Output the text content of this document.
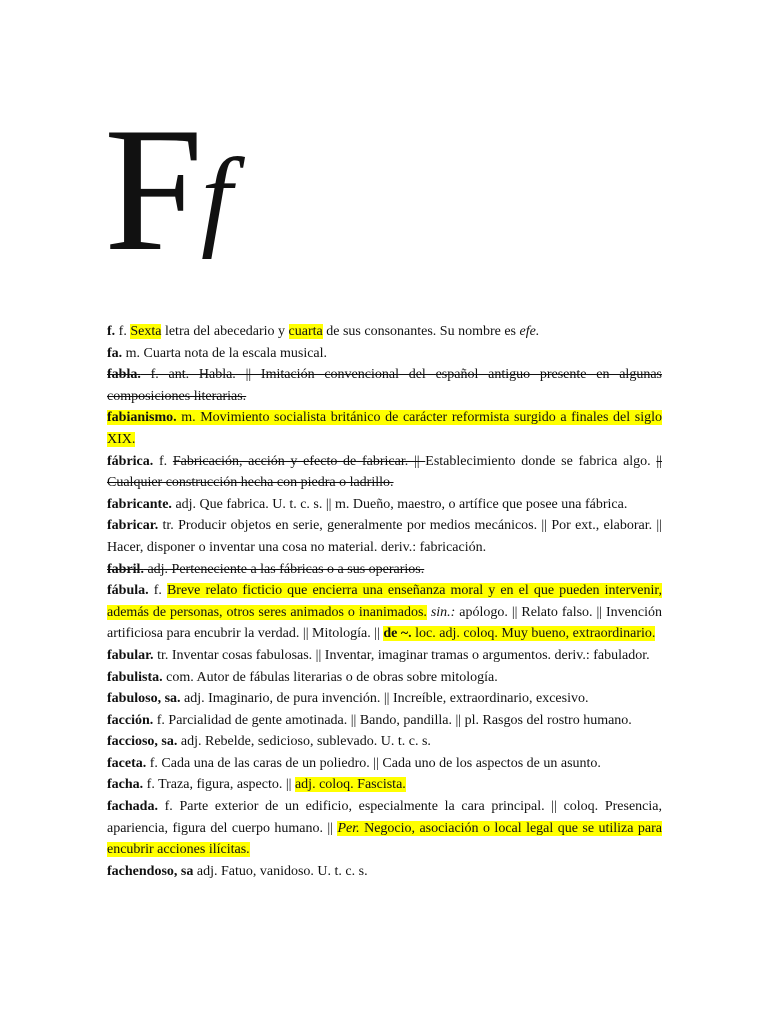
Ff

f. f. Sexta letra del abecedario y cuarta de sus consonantes. Su nombre es efe.

fa. m. Cuarta nota de la escala musical.

fabla. f. ant. Habla. || Imitación convencional del español antiguo presente en algunas composiciones literarias.

fabianismo. m. Movimiento socialista británico de carácter reformista surgido a finales del siglo XIX.

fábrica. f. Fabricación, acción y efecto de fabricar. || Establecimiento donde se fabrica algo. || Cualquier construcción hecha con piedra o ladrillo.

fabricante. adj. Que fabrica. U. t. c. s. || m. Dueño, maestro, o artífice que posee una fábrica.

fabricar. tr. Producir objetos en serie, generalmente por medios mecánicos. || Por ext., elaborar. || Hacer, disponer o inventar una cosa no material. deriv.: fabricación.

fabril. adj. Perteneciente a las fábricas o a sus operarios.

fábula. f. Breve relato ficticio que encierra una enseñanza moral y en el que pueden intervenir, además de personas, otros seres animados o inanimados. sin.: apólogo. || Relato falso. || Invención artificiosa para encubrir la verdad. || Mitología. || de ~. loc. adj. coloq. Muy bueno, extraordinario.

fabular. tr. Inventar cosas fabulosas. || Inventar, imaginar tramas o argumentos. deriv.: fabulador.

fabulista. com. Autor de fábulas literarias o de obras sobre mitología.

fabuloso, sa. adj. Imaginario, de pura invención. || Increíble, extraordinario, excesivo.

facción. f. Parcialidad de gente amotinada. || Bando, pandilla. || pl. Rasgos del rostro humano.

faccioso, sa. adj. Rebelde, sedicioso, sublevado. U. t. c. s.

faceta. f. Cada una de las caras de un poliedro. || Cada uno de los aspectos de un asunto.

facha. f. Traza, figura, aspecto. || adj. coloq. Fascista.

fachada. f. Parte exterior de un edificio, especialmente la cara principal. || coloq. Presencia, apariencia, figura del cuerpo humano. || Per. Negocio, asociación o local legal que se utiliza para encubrir acciones ilícitas.

fachendoso, sa adj. Fatuo, vanidoso. U. t. c. s.
